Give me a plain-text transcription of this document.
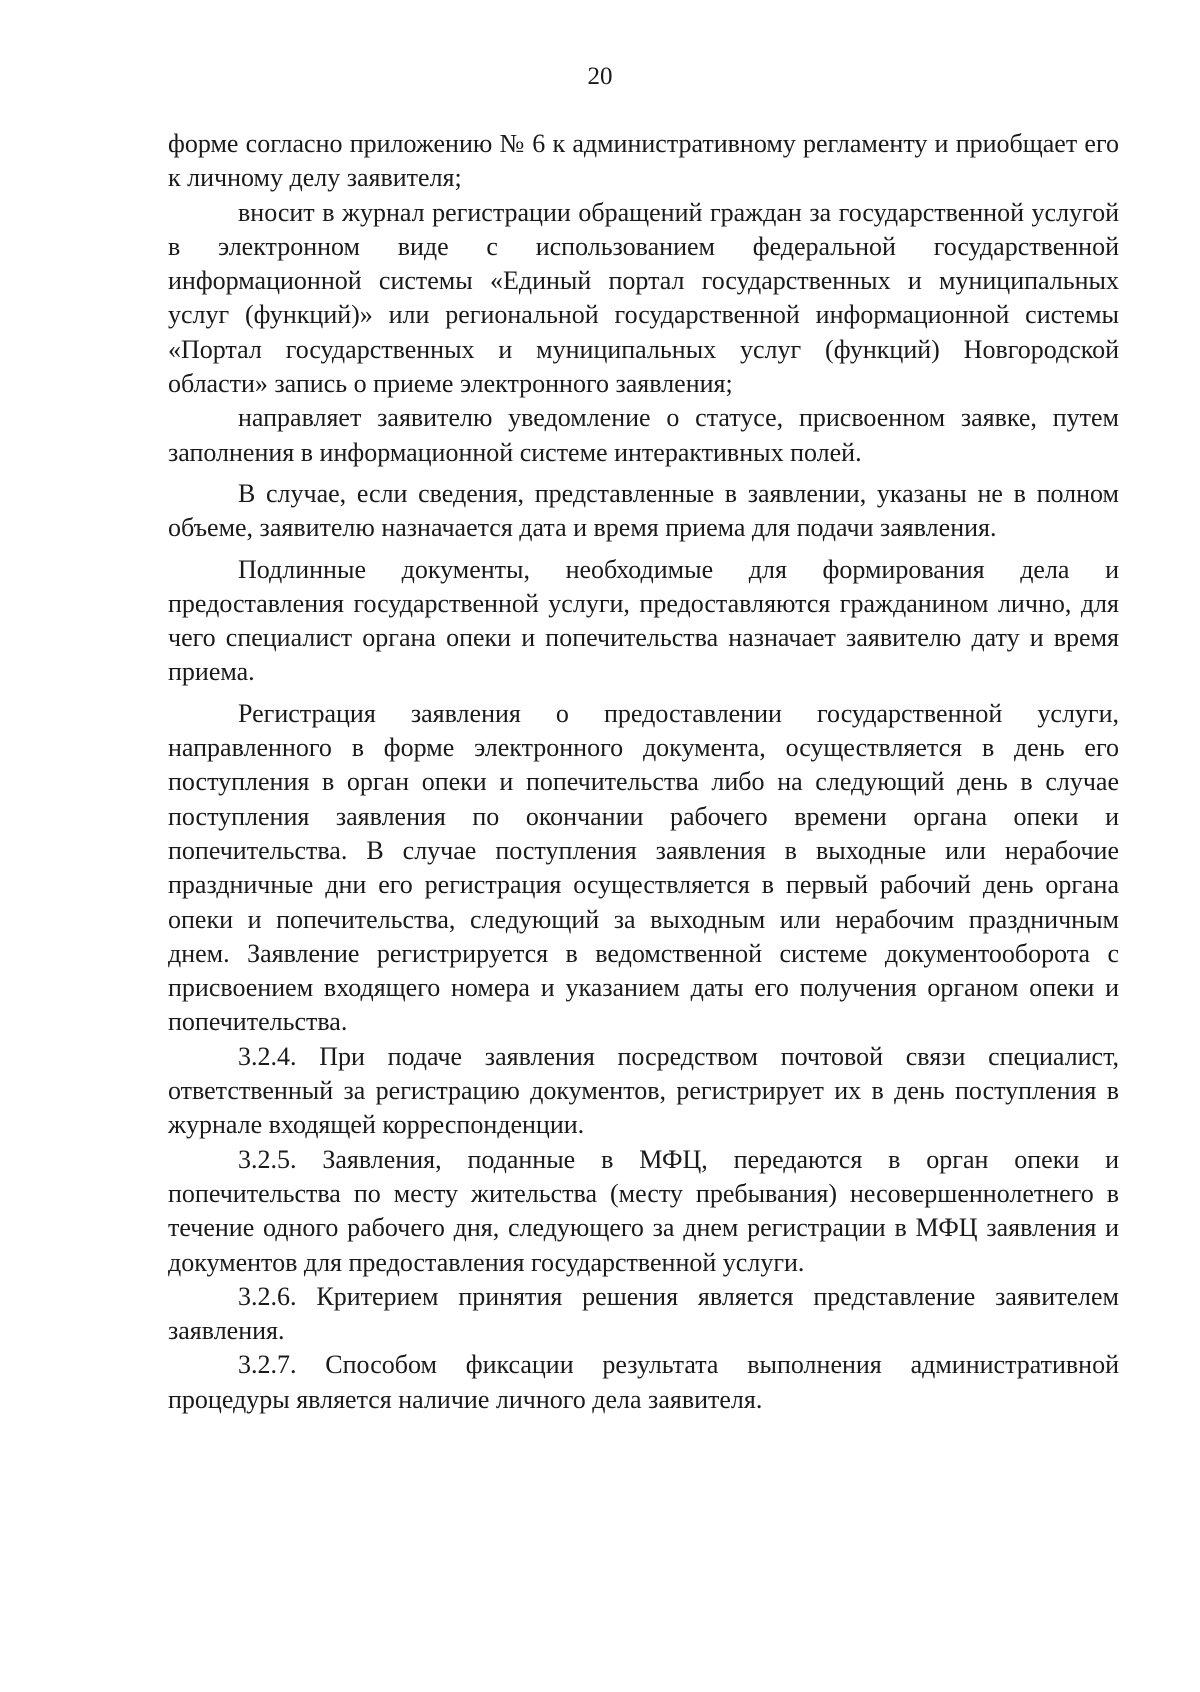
20

форме согласно приложению № 6 к административному регламенту и приобщает его к личному делу заявителя;

вносит в журнал регистрации обращений граждан за государственной услугой в электронном виде с использованием федеральной государственной информационной системы «Единый портал государственных и муниципальных услуг (функций)» или региональной государственной информационной системы «Портал государственных и муниципальных услуг (функций) Новгородской области» запись о приеме электронного заявления;

направляет заявителю уведомление о статусе, присвоенном заявке, путем заполнения в информационной системе интерактивных полей.

В случае, если сведения, представленные в заявлении, указаны не в полном объеме, заявителю назначается дата и время приема для подачи заявления.

Подлинные документы, необходимые для формирования дела и предоставления государственной услуги, предоставляются гражданином лично, для чего специалист органа опеки и попечительства назначает заявителю дату и время приема.

Регистрация заявления о предоставлении государственной услуги, направленного в форме электронного документа, осуществляется в день его поступления в орган опеки и попечительства либо на следующий день в случае поступления заявления по окончании рабочего времени органа опеки и попечительства. В случае поступления заявления в выходные или нерабочие праздничные дни его регистрация осуществляется в первый рабочий день органа опеки и попечительства, следующий за выходным или нерабочим праздничным днем. Заявление регистрируется в ведомственной системе документооборота с присвоением входящего номера и указанием даты его получения органом опеки и попечительства.

3.2.4. При подаче заявления посредством почтовой связи специалист, ответственный за регистрацию документов, регистрирует их в день поступления в журнале входящей корреспонденции.

3.2.5. Заявления, поданные в МФЦ, передаются в орган опеки и попечительства по месту жительства (месту пребывания) несовершеннолетнего в течение одного рабочего дня, следующего за днем регистрации в МФЦ заявления и документов для предоставления государственной услуги.

3.2.6. Критерием принятия решения является представление заявителем заявления.

3.2.7. Способом фиксации результата выполнения административной процедуры является наличие личного дела заявителя.
